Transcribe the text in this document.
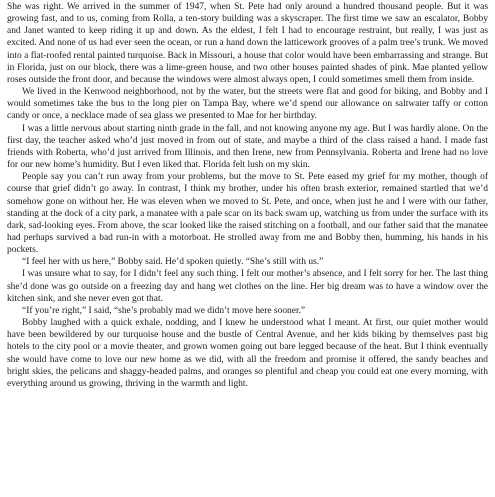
She was right. We arrived in the summer of 1947, when St. Pete had only around a hundred thousand people. But it was growing fast, and to us, coming from Rolla, a ten-story building was a skyscraper. The first time we saw an escalator, Bobby and Janet wanted to keep riding it up and down. As the eldest, I felt I had to encourage restraint, but really, I was just as excited. And none of us had ever seen the ocean, or run a hand down the latticework grooves of a palm tree’s trunk. We moved into a flat-roofed rental painted turquoise. Back in Missouri, a house that color would have been embarrassing and strange. But in Florida, just on our block, there was a lime-green house, and two other houses painted shades of pink. Mae planted yellow roses outside the front door, and because the windows were almost always open, I could sometimes smell them from inside.

We lived in the Kenwood neighborhood, not by the water, but the streets were flat and good for biking, and Bobby and I would sometimes take the bus to the long pier on Tampa Bay, where we’d spend our allowance on saltwater taffy or cotton candy or once, a necklace made of sea glass we presented to Mae for her birthday.

I was a little nervous about starting ninth grade in the fall, and not knowing anyone my age. But I was hardly alone. On the first day, the teacher asked who’d just moved in from out of state, and maybe a third of the class raised a hand. I made fast friends with Roberta, who’d just arrived from Illinois, and then Irene, new from Pennsylvania. Roberta and Irene had no love for our new home’s humidity. But I even liked that. Florida felt lush on my skin.

People say you can’t run away from your problems, but the move to St. Pete eased my grief for my mother, though of course that grief didn’t go away. In contrast, I think my brother, under his often brash exterior, remained startled that we’d somehow gone on without her. He was eleven when we moved to St. Pete, and once, when just he and I were with our father, standing at the dock of a city park, a manatee with a pale scar on its back swam up, watching us from under the surface with its dark, sad-looking eyes. From above, the scar looked like the raised stitching on a football, and our father said that the manatee had perhaps survived a bad run-in with a motorboat. He strolled away from me and Bobby then, humming, his hands in his pockets.

“I feel her with us here,” Bobby said. He’d spoken quietly. “She’s still with us.”

I was unsure what to say, for I didn’t feel any such thing. I felt our mother’s absence, and I felt sorry for her. The last thing she’d done was go outside on a freezing day and hang wet clothes on the line. Her big dream was to have a window over the kitchen sink, and she never even got that.

“If you’re right,” I said, “she’s probably mad we didn’t move here sooner.”

Bobby laughed with a quick exhale, nodding, and I knew he understood what I meant. At first, our quiet mother would have been bewildered by our turquoise house and the bustle of Central Avenue, and her kids biking by themselves past big hotels to the city pool or a movie theater, and grown women going out bare legged because of the heat. But I think eventually she would have come to love our new home as we did, with all the freedom and promise it offered, the sandy beaches and bright skies, the pelicans and shaggy-headed palms, and oranges so plentiful and cheap you could eat one every morning, with everything around us growing, thriving in the warmth and light.
